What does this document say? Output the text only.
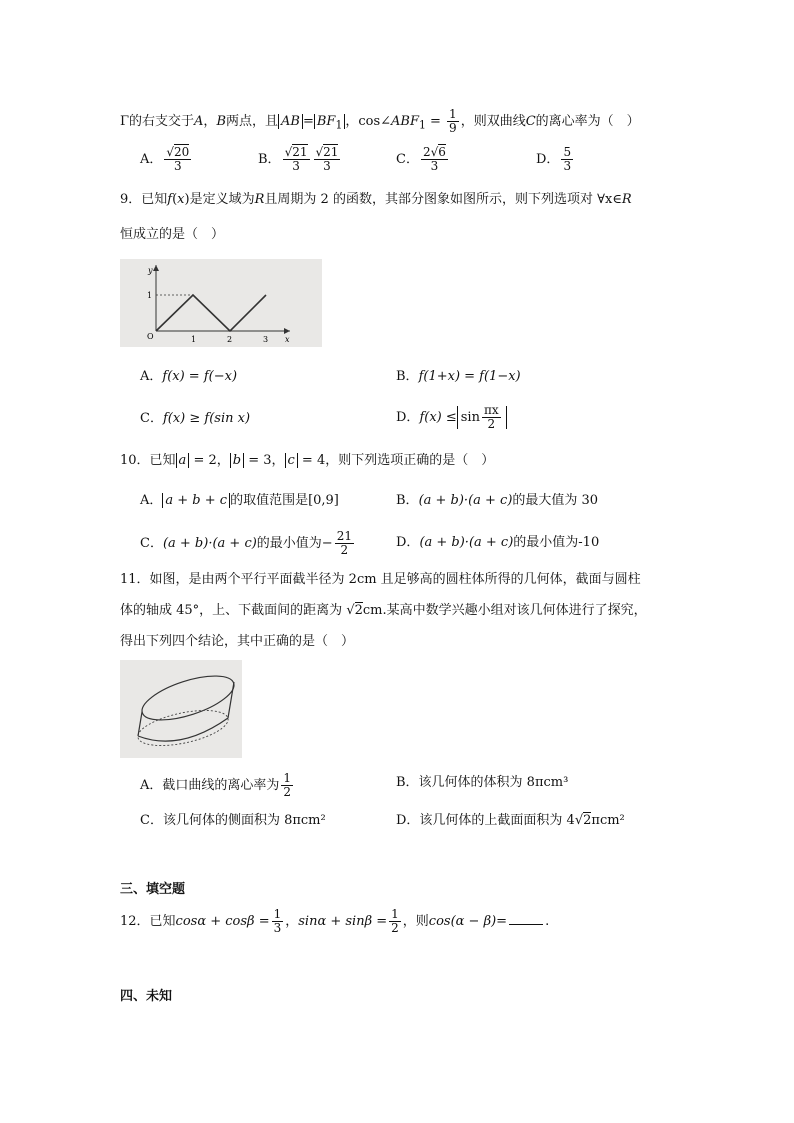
Γ的右支交于A，B两点，且 AB = $BF_1$ ，$\cos\angle ABF_1 = \frac{1}{9}$ ，则双曲线C的离心率为（　）
A． $\frac{√20}{3}$	B． $\frac{√21}{3} \frac{√21}{3}$	C． $\frac{2√6}{3}$	D． $\frac{5}{3}$
9．已知f(x)是定义域为R且周期为 2 的函数，其部分图象如图所示，则下列选项对 ∀x∈R
恒成立的是（　）
y
x
O
1
1	2	3
A．f(x) = f(−x)	B．f(1+x) = f(1−x)
C．f(x) ≥ f(sin x)	D．$f(x) \le \sin \frac{\pi x}{2}$
10．已知 a = 2， b = 3， c = 4，则下列选项正确的是（　）
A． a + b + c 的取值范围是[0,9]	B．(a + b)·(a + c)的最大值为 30
C．(a + b)·(a + c)的最小值为− $\frac{21}{2}$	D．(a + b)·(a + c)的最小值为-10
11．如图，是由两个平行平面截半径为 2cm 且足够高的圆柱体所得的几何体，截面与圆柱
体的轴成 45°，上、下截面间的距离为 √2cm.某高中数学兴趣小组对该几何体进行了探究，
得出下列四个结论，其中正确的是（　）
A．截口曲线的离心率为 $\frac{1}{2}$	B．该几何体的体积为 8πcm³
C．该几何体的侧面积为 8πcm²	D．该几何体的上截面面积为 4√2πcm²
三、填空题
12．已知$\cos\alpha + \cos\beta = \frac{1}{3}$ ，$\sin\alpha + \sin\beta = \frac{1}{2}$ ，则cos(α − β)=	.
四、未知
